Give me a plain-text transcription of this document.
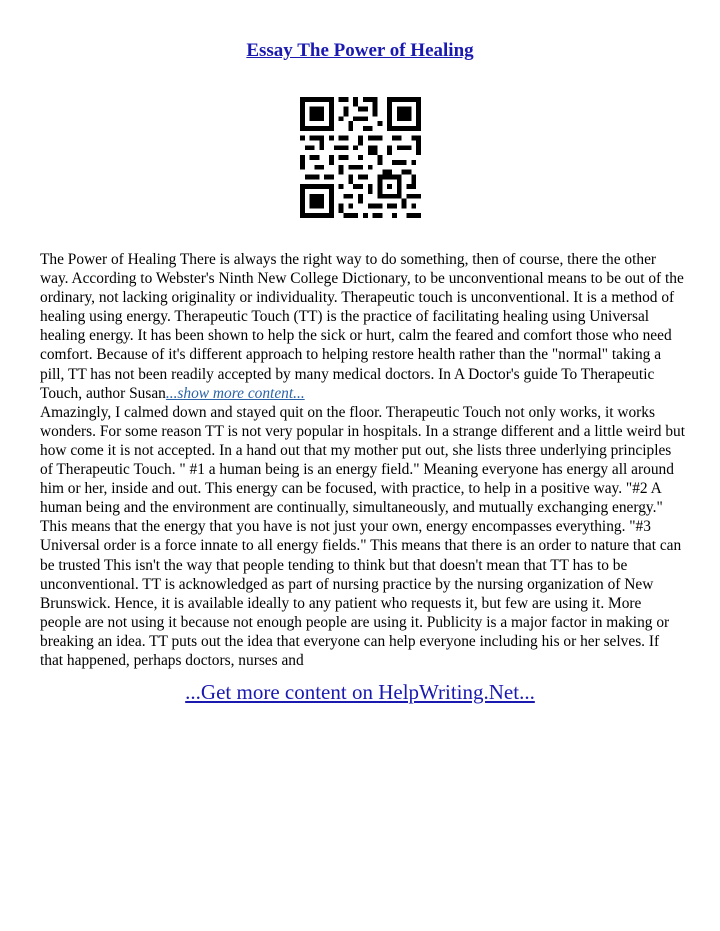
Essay The Power of Healing

The Power of Healing There is always the right way to do something, then of course, there the other way. According to Webster's Ninth New College Dictionary, to be unconventional means to be out of the ordinary, not lacking originality or individuality. Therapeutic touch is unconventional. It is a method of healing using energy. Therapeutic Touch (TT) is the practice of facilitating healing using Universal healing energy. It has been shown to help the sick or hurt, calm the feared and comfort those who need comfort. Because of it's different approach to helping restore health rather than the "normal" taking a pill, TT has not been readily accepted by many medical doctors. In A Doctor's guide To Therapeutic Touch, author Susan...show more content...

Amazingly, I calmed down and stayed quit on the floor. Therapeutic Touch not only works, it works wonders. For some reason TT is not very popular in hospitals. In a strange different and a little weird but how come it is not accepted. In a hand out that my mother put out, she lists three underlying principles of Therapeutic Touch. " #1 a human being is an energy field." Meaning everyone has energy all around him or her, inside and out. This energy can be focused, with practice, to help in a positive way. "#2 A human being and the environment are continually, simultaneously, and mutually exchanging energy." This means that the energy that you have is not just your own, energy encompasses everything. "#3 Universal order is a force innate to all energy fields." This means that there is an order to nature that can be trusted This isn't the way that people tending to think but that doesn't mean that TT has to be unconventional. TT is acknowledged as part of nursing practice by the nursing organization of New Brunswick. Hence, it is available ideally to any patient who requests it, but few are using it. More people are not using it because not enough people are using it. Publicity is a major factor in making or breaking an idea. TT puts out the idea that everyone can help everyone including his or her selves. If that happened, perhaps doctors, nurses and

...Get more content on HelpWriting.Net...
